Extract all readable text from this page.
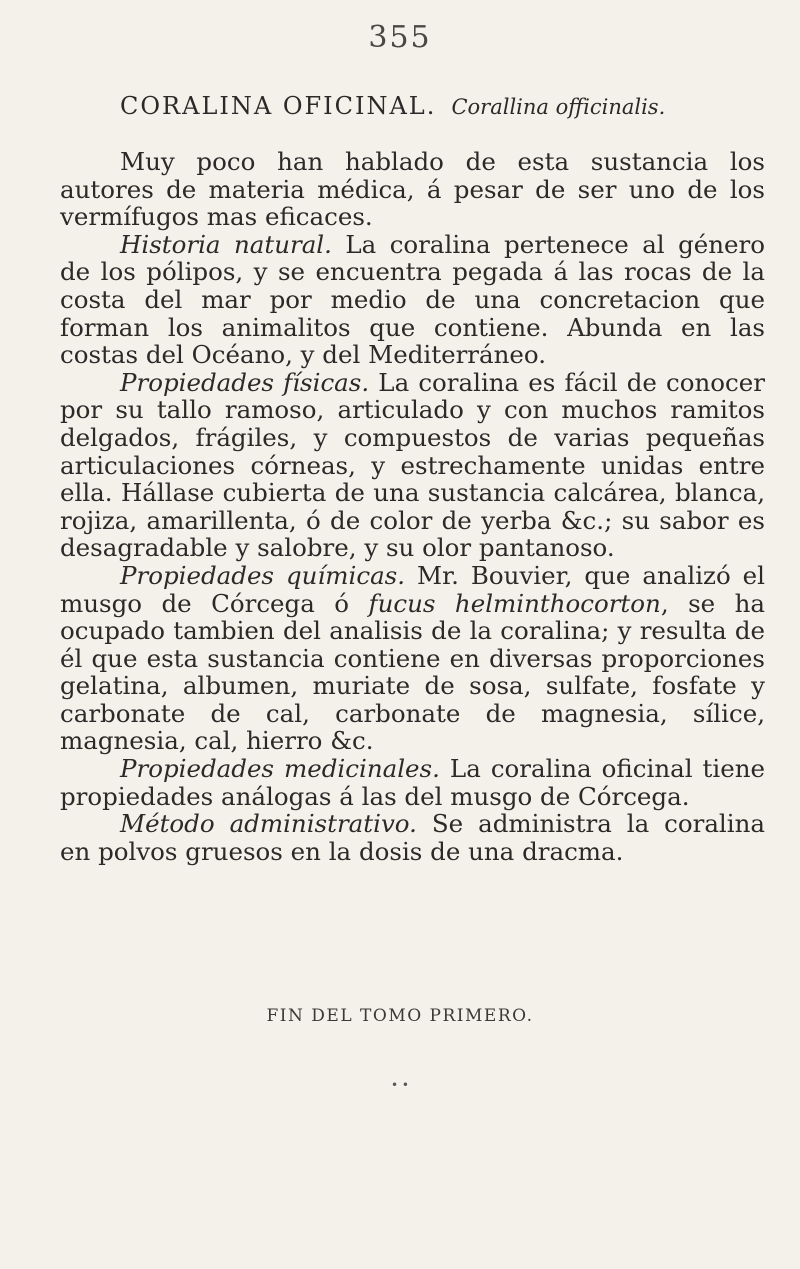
355
CORALINA OFICINAL. Corallina officinalis.

Muy poco han hablado de esta sustancia los autores de materia médica, á pesar de ser uno de los vermífugos mas eficaces.

Historia natural. La coralina pertenece al género de los pólipos, y se encuentra pegada á las rocas de la costa del mar por medio de una concretacion que forman los animalitos que contiene. Abunda en las costas del Océano, y del Mediterráneo.

Propiedades físicas. La coralina es fácil de conocer por su tallo ramoso, articulado y con muchos ramitos delgados, frágiles, y compuestos de varias pequeñas articulaciones córneas, y estrechamente unidas entre ella. Hállase cubierta de una sustancia calcárea, blanca, rojiza, amarillenta, ó de color de yerba &c.; su sabor es desagradable y salobre, y su olor pantanoso.

Propiedades químicas. Mr. Bouvier, que analizó el musgo de Córcega ó fucus helminthocorton, se ha ocupado tambien del analisis de la coralina; y resulta de él que esta sustancia contiene en diversas proporciones gelatina, albumen, muriate de sosa, sulfate, fosfate y carbonate de cal, carbonate de magnesia, sílice, magnesia, cal, hierro &c.

Propiedades medicinales. La coralina oficinal tiene propiedades análogas á las del musgo de Córcega.

Método administrativo. Se administra la coralina en polvos gruesos en la dosis de una dracma.

FIN DEL TOMO PRIMERO.
• •
